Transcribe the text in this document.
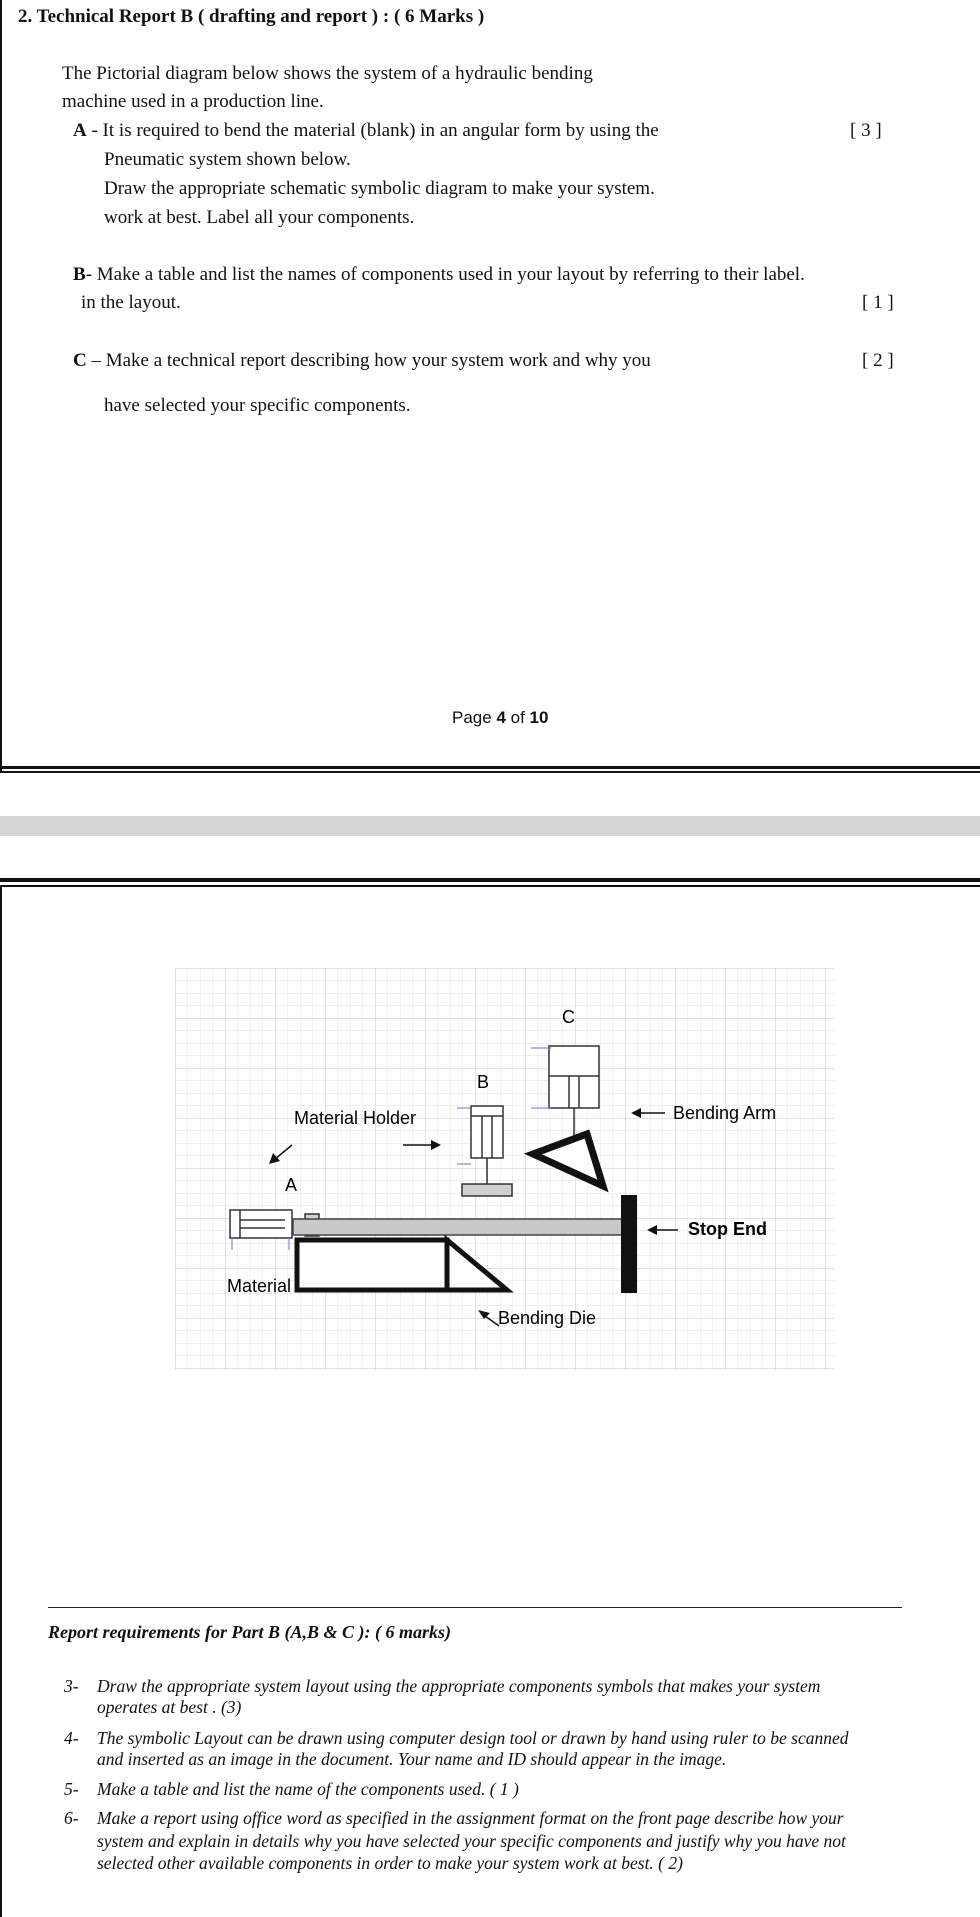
2. Technical Report B ( drafting and report ) : ( 6 Marks )
The Pictorial diagram below shows the system of a hydraulic bending
machine used in a production line.
A - It is required to bend the material (blank) in an angular form by using the	[ 3 ]
Pneumatic system shown below.
Draw the appropriate schematic symbolic diagram to make your system.
work at best. Label all your components.
B- Make a table and list the names of components used in your layout by referring to their label.
in the layout.	[ 1 ]
C – Make a technical report describing how your system work and why you	[ 2 ]
have selected your specific components.
Page 4 of 10
C
B
Material Holder	Bending Arm
A
Stop End
Material
Bending Die
Report requirements for Part B (A,B & C ): ( 6 marks)
3- Draw the appropriate system layout using the appropriate components symbols that makes your system
operates at best . (3)
4- The symbolic Layout can be drawn using computer design tool or drawn by hand using ruler to be scanned
and inserted as an image in the document. Your name and ID should appear in the image.
5- Make a table and list the name of the components used. ( 1 )
6- Make a report using office word as specified in the assignment format on the front page describe how your
system and explain in details why you have selected your specific components and justify why you have not
selected other available components in order to make your system work at best. ( 2)
